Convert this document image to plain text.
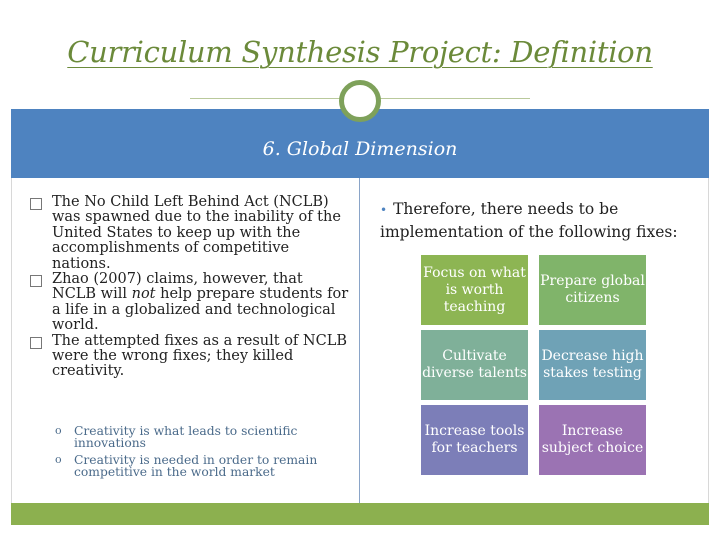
Curriculum Synthesis Project: Definition
6. Global Dimension
The No Child Left Behind Act (NCLB) was spawned due to the inability of the United States to keep up with the accomplishments of competitive nations.
Zhao (2007) claims, however, that NCLB will not help prepare students for a life in a globalized and technological world.
The attempted fixes as a result of NCLB were the wrong fixes; they killed creativity.
o Creativity is what leads to scientific innovations
o Creativity is needed in order to remain competitive in the world market
• Therefore, there needs to be implementation of the following fixes:
Focus on what is worth teaching
Prepare global citizens
Cultivate diverse talents
Decrease high stakes testing
Increase tools for teachers
Increase subject choice
